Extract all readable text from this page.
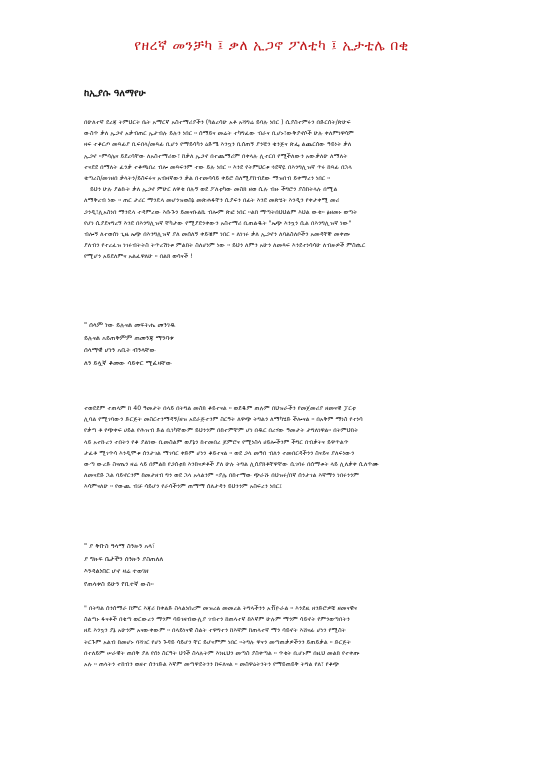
የዘረኛ መንቻካ ፤ ቃለ ኢጋኖ ፖለቲካ ፤ ኢታቲሌ በቂ
ከኢያሱ ዓለማየሁ

በሁለተኛ ደረጃ ትምህርት ቤት አማርኛ አስተማሪያችን (ካልረሳሁ አቶ አሻግሬ ይባሉ ነበር ) ሲያስተምሩን በድርሰት/ጽሁፍ

ውስጥ ቃለ ኢጋኖ አቃብጠር ኢታብሉ ይሉን ነበር ፡፡ ሰማይና መሬት ተካግፈው ብራና ቢሆኑ፣ውቅያኖሶች ሁሉ ቀለምነዋሳም

ዛፍ ተቆርጦ መጻፊያ ቢፍበላ/መጻፊ ቢሆን የማይሳካን ዕድሜ እንኳን ቢሰጠኝ ያንቺን ቁንጅና ጽፌ ልጨርሰው ዓይነት ቃለ

ኢጋኖ ፡፡ምሳሌና ይደረሳቸው ለአስተማሪው፣ ከቃለ ኢጋኖ በተጨማሪም በቀላሉ ሊተርበ የሚችለውን አውቃለሁ ለማለት

ተናደደ በማለት ፈንቃ ተቆጫበረ ብሎ መጻፍንም ተው ይሉ ነበር ፡፡ እንደ የትምህርቱ ጓደኛዬ በእንግሊዝኛ ጥሩ ከጻፊ በኋላ

ቁጣረስ/መገዘበ ቃላትን/ይስፍሩና አብዛኛውን ቃል በተመሳሳይ ቀይሮ ስለሚያከብደው ማዝበብ ይቀማረን ነበር ፡፡

ይህን ሁሉ ያልኩት ቃለ ኢጋኖ ምሁር ለዋቂ በሉኝ ወደ ፖለቲካው መስክ ዘወ ሲሉ ብዙ ችግሮን ያስከትላሉ በሚል

ለማቅረብ ነው ፡፡ ጠር ታሪር ማንዴላ መሆንዝወስኔ መጽሐፋቸን ሲያፍን በፊት እንደ መጽሄት እንዲን የቀታቀሚ መሪ

ጋንዲ፣ሊአስነበ ማንዴላ ተዳምረው እሱጉን ይመናቡልኬ ብሎም ጽፎ ነበር ፡፡ልክ ማጣትበህህልም እህል ውቂ፡፡ ፅዘመኑ ወጣት

የሆነ ሲያደናግረኝ እንደ በእንግሊዝኛ ቸካታው የሚያደንቀውን አስተማሪ ቢጠልዱት "ኤጭ እንኳን ሲል በእንግሊዝኛ ነው"

ብሎኝ ለተወሰነ ጊዜ ኤጭ በእንግሊዝኛ ያለ መሰለኝ ቀይቼም ነበር ፡፡ ለነገሩ ቃለ ኢጋኖን ለባልስለቦችን አመዳቸኞ መቀጡ

ያለብን የተረፈዝ ነገሩብትትስ ትጥረሽነቱ ምልክት ስለሆነም ነው ፡፡ ይህን ለምን አሁን ለመጻፍ እንደተነሳሳሁ ለብዙዎች ምስጢር

የሚሆን አይደለምና አልፈዋለሁ ፡፡ በልክ ወሳናች !

" ሰላም ነው ይሉናል መፍትሔ መንገዱ

ይሉናል አይጠቅምም ጠመንጃ ማንባቱ

ሰላማዊ ሆነን አቢት ብንላቸው

ለን ይሏኛ ቆመው ሳይቀር ሚፈዛቸው

ተወደደም ተጠላም ከ 40 ዓመታት በላይ በትግል መስክ ቆይተናል ፡፡ ወደዱም ጠሉም በህዝራችን የመጀመሪያ ዘመናዊ ፓርቲ

ሊባል የሚገባውን ድርጅት መስርተንማዳኝ/ዘዝ አደራጅተንም ስርዓት ለዋጭ ትግልን ለማካሄድ ችሎናል ፡፡ በአቅም ማነስ የተነሳ

የቃጣ ቶ የጭቀፍ ሀይል የሕዝብ ድል ቢነካቸውም ይህንንም በከተምቸም ሆነ በዱር በረሃው ዓመታት ታግለነዋል፡፡ በትምህክት

ላይ አተኩረን ተበትን የቆ ያልነው ቢመስልም ወያኔን ከተመበረ ጆምሮና የሚነስላ ሀይሎችንም ችግር በብቃትና ይዋጥልጥ

ታፈቶ ሚገጥሳ እንዲሞቱ ሰንታገል ማገባር ቀድም ሆነን ቆይተናል ፡፡ ወደ ጋላ መዓበ ብለን ተመበርዳችንን ስናይና ያለፍነውን

ውጣ ውረድ ስናጤን ዛሬ ላይ በምልከ የጋሰቲክ እንከናዎቶች ያለ ሁሉ ትግል ሊሰያክቶቸዋቸው ሲገባሩ በሰማቱት ላይ ሊለቃቀ ሲለጥሙ

ለመናደድ ኋል ባይኖርንም ከመታዘብ ግን ወደ ኋላ አላልንም ፡፡ያሌ በከተማው ጭራሹ በህዝሩ/በኛ ሰንታገል እኛማን ነበሩንንም

እሳምናለሁ ፡፡ የውጪ ብቻ ሳይሆን የራሳችንም ጠማማ ሰለታዳን ይህንንም አስፍረን ነበር፤

" ያ ቅቡስ ዓላማ ስንዙን አላ፣

ያ ግዙፍ ቤታችን ሰንዙን ያስጠለለ

እንዳልነበር ሆኖ ዛሬ ተወገዘ

የጠላቱስ ይሁን የቢተኛ ውስ፡፡

" በትግል ሰንሰማራ ከምር እጃሪ ከቀልድ ስላልነበረም መዝረል መመረል ትግላችንን አቭዮራል ፡፡ እንደዚ ዘንድሮዎቹ ዘመናዊና

ስልጣኑ ፋናቶች በቁጣ ወርውረን ማንም ሳይገዛብውሊያ ገብተን ከጠላተኛ ከእኛም ሁሉም ማንም ሳይኖት የምንወጣበትን

ዘዴ እንኳን ያኔ አሁንም አናውቀውም ፡፡ በላይነናዊ ስልት ተዋግተን ከእኛም ከጠላተኛ ማን ሳይኖት እሸናፊ ሆነን የሚስት

ትርጉም አልብ ከመሆኑ ባሻገር የሆነ ጉዳይ ሳይሆን ቸር ይሆናምም ነበር ፡፡ትግሉ ዋናን መጣጠቃዎችንን ይጠይቃል ፡፡ ድርጅት

በተለይም ሠራዊት ጠበቅ ያለ የሰነ ስርዓት ህጎች ስላሉትም እነዚህን መጣስ ያስቀጣል ፡፡ ጥቂት ቢሆኑም በዚህ መልክ የተቀጡ

አሉ ፡፡ ጠላትን ተከብን ወዘተ ሰንገድል እኛም መጣዋደትንን ከፍለናል ፡፡ መስዋዕትንትን የማይጠይቅ ትግል የለ፣ የቆጭ
